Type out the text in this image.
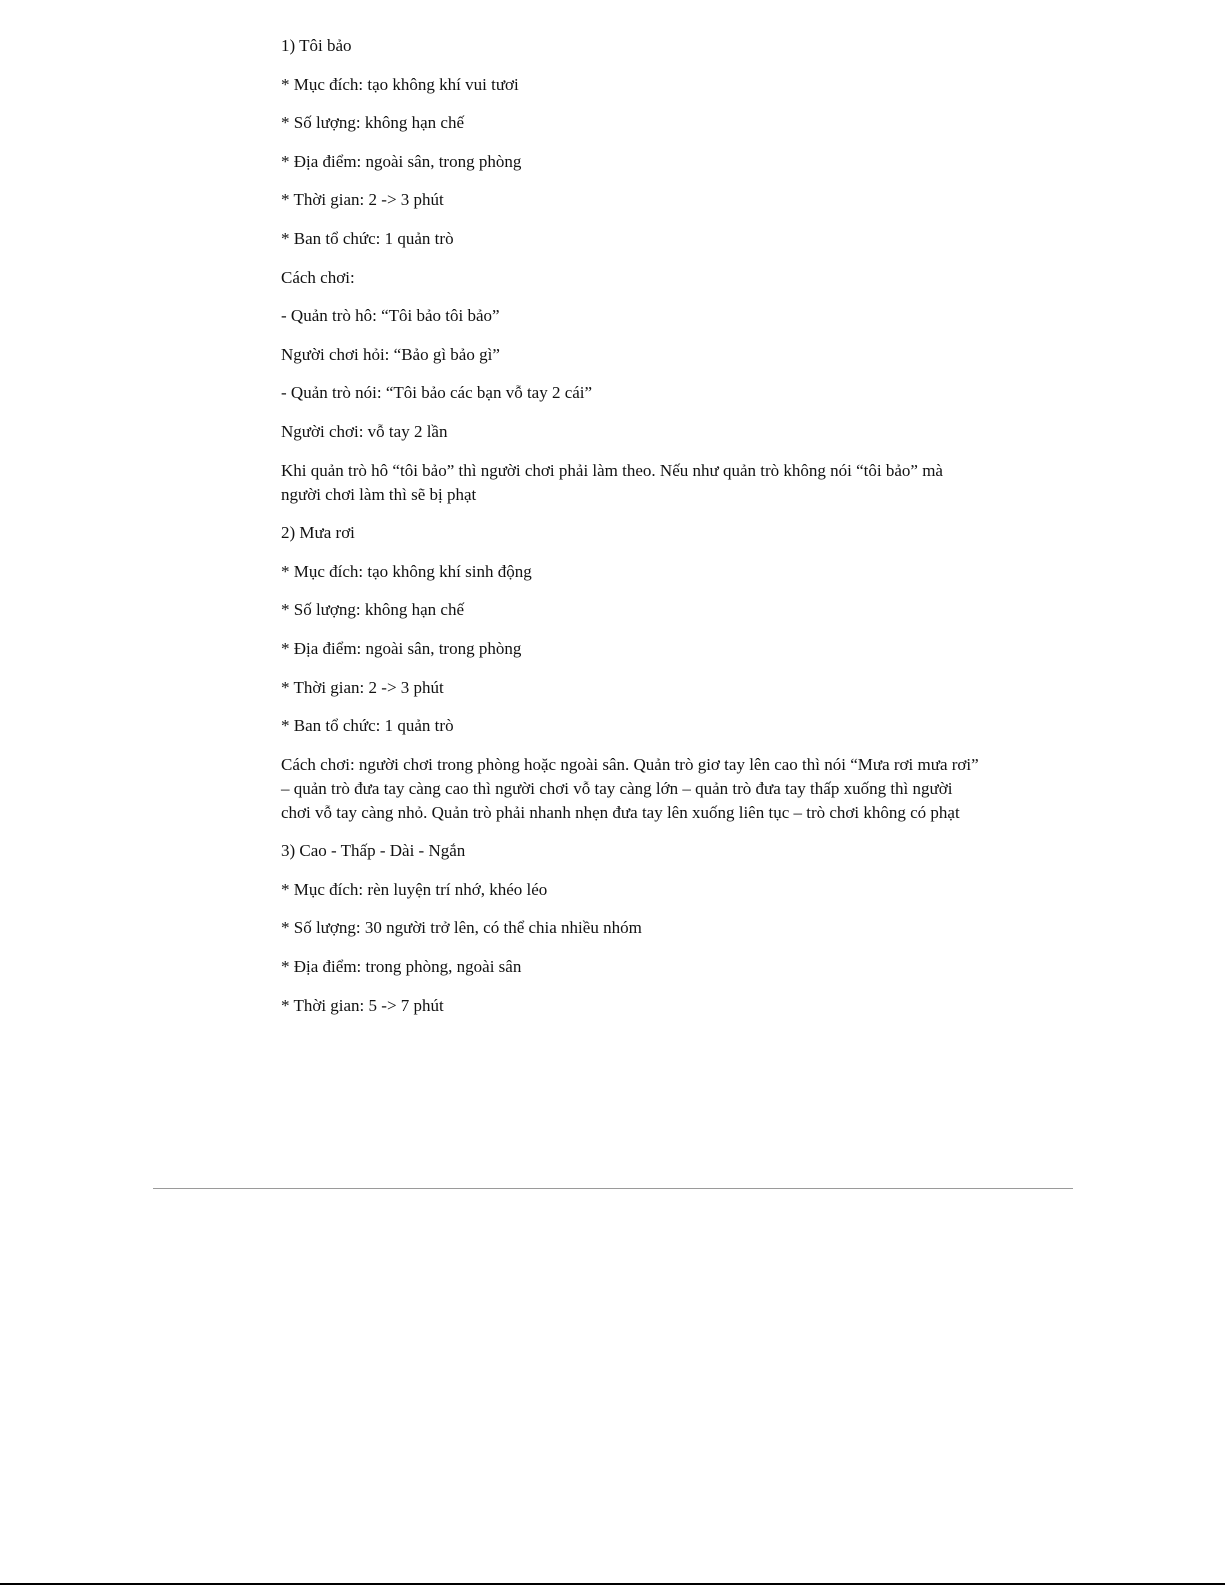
1) Tôi bảo

* Mục đích: tạo không khí vui tươi

* Số lượng: không hạn chế

* Địa điểm: ngoài sân, trong phòng

* Thời gian: 2 -> 3 phút

* Ban tổ chức: 1 quản trò

Cách chơi:

- Quản trò hô: “Tôi bảo tôi bảo”

Người chơi hỏi: “Bảo gì bảo gì”

- Quản trò nói: “Tôi bảo các bạn vỗ tay 2 cái”

Người chơi: vỗ tay 2 lần

Khi quản trò hô “tôi bảo” thì người chơi phải làm theo. Nếu như quản trò không nói “tôi bảo” mà người chơi làm thì sẽ bị phạt

2) Mưa rơi

* Mục đích: tạo không khí sinh động

* Số lượng: không hạn chế

* Địa điểm: ngoài sân, trong phòng

* Thời gian: 2 -> 3 phút

* Ban tổ chức: 1 quản trò

Cách chơi: người chơi trong phòng hoặc ngoài sân. Quản trò giơ tay lên cao thì nói “Mưa rơi mưa rơi” – quản trò đưa tay càng cao thì người chơi vỗ tay càng lớn – quản trò đưa tay thấp xuống thì người chơi vỗ tay càng nhỏ. Quản trò phải nhanh nhẹn đưa tay lên xuống liên tục – trò chơi không có phạt

3) Cao - Thấp - Dài - Ngắn

* Mục đích: rèn luyện trí nhớ, khéo léo

* Số lượng: 30 người trở lên, có thể chia nhiều nhóm

* Địa điểm: trong phòng, ngoài sân

* Thời gian: 5 -> 7 phút
